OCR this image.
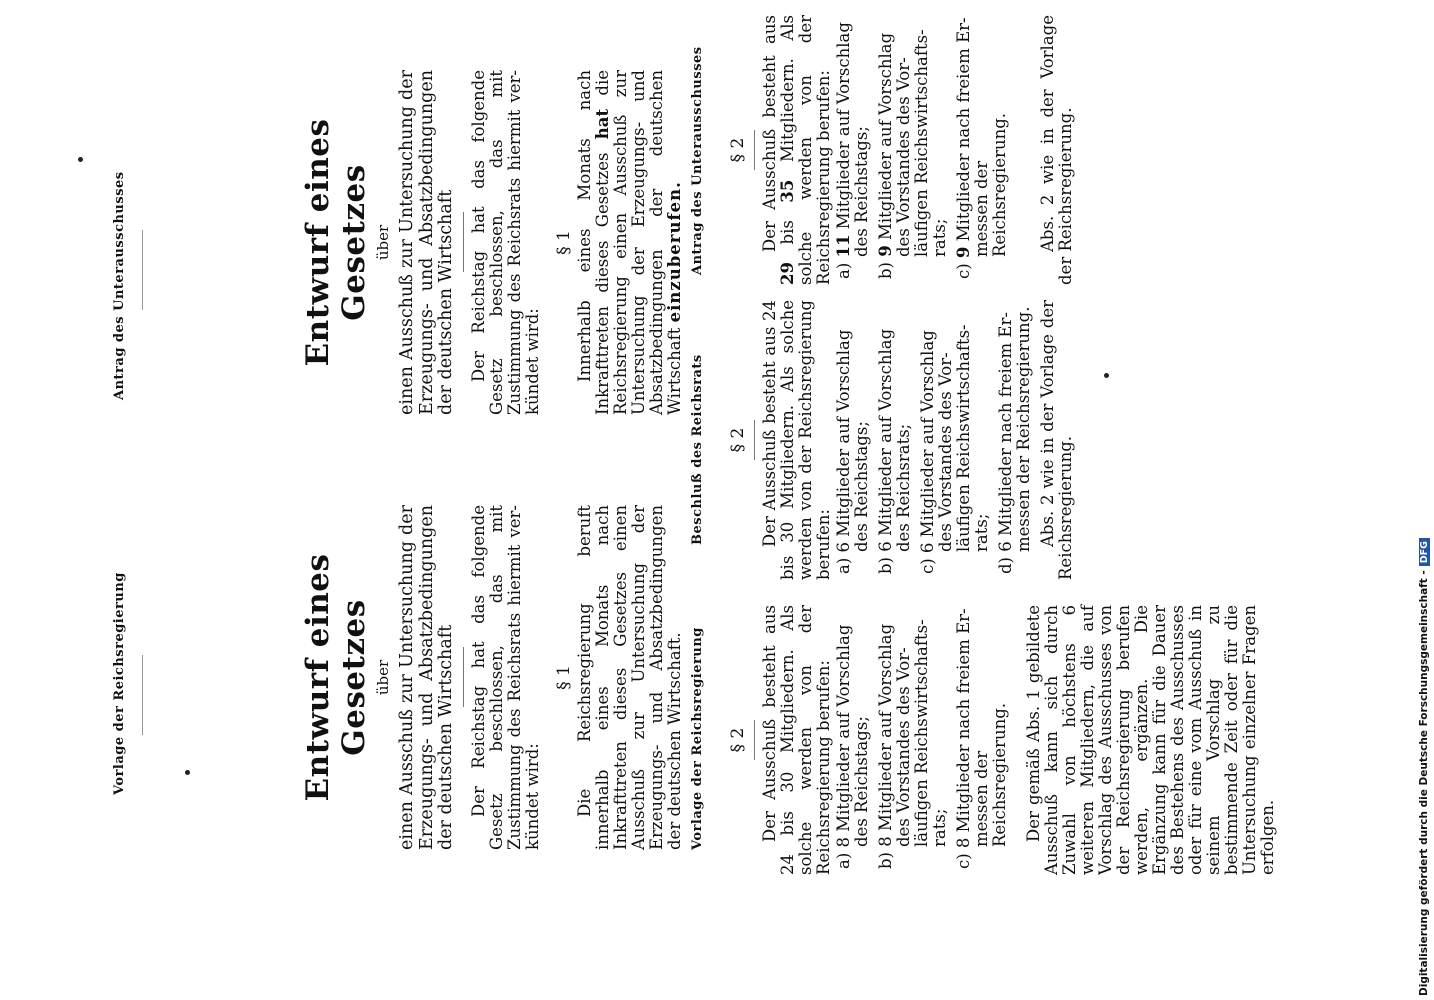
Vorlage der Reichsregierung
Antrag des Unterausschusses
Entwurf eines Gesetzes über einen Ausschuß zur Untersuchung der Erzeugungs- und Absatzbedingungen der deutschen Wirtschaft Der Reichstag hat das folgende Gesetz beschlossen, das mit Zustimmung des Reichsrats hiermit verkündet wird:
§ 1 Die Reichsregierung beruft innerhalb eines Monats nach Inkrafttreten dieses Gesetzes einen Ausschuß zur Untersuchung der Erzeugungs- und Absatzbedingungen der deutschen Wirtschaft.
Entwurf eines Gesetzes über einen Ausschuß zur Untersuchung der Erzeugungs- und Absatzbedingungen der deutschen Wirtschaft Der Reichstag hat das folgende Gesetz beschlossen, das mit Zustimmung des Reichsrats hiermit verkündet wird:
§ 1 Innerhalb eines Monats nach Inkrafttreten dieses Gesetzes hat die Reichsregierung einen Ausschuß zur Untersuchung der Erzeugungs- und Absatzbedingungen der deutschen Wirtschaft einzuberufen.
Vorlage der Reichsregierung
Beschluß des Reichsrats
Antrag des Unterausschusses
§ 2 Der Ausschuß besteht aus 24 bis 30 Mitgliedern. Als solche werden von der Reichsregierung berufen: a) 8 Mitglieder auf Vorschlag des Reichstags; b) 8 Mitglieder auf Vorschlag des Vorstandes des Vorläufigen Reichswirtschaftsrats; c) 8 Mitglieder nach freiem Ermessen der Reichsregierung. Der gemäß Abs. 1 gebildete Ausschuß kann sich durch Zuwahl von höchstens 6 weiteren Mitgliedern, die auf Vorschlag des Ausschusses von der Reichsregierung berufen werden, ergänzen. Die Ergänzung kann für die Dauer des Bestehens des Ausschusses oder für eine vom Ausschuß in seinem Vorschlag zu bestimmende Zeit oder für die Untersuchung einzelner Fragen erfolgen.
§ 2 Der Ausschuß besteht aus 24 bis 30 Mitgliedern. Als solche werden von der Reichsregierung berufen: a) 6 Mitglieder auf Vorschlag des Reichstags; b) 6 Mitglieder auf Vorschlag des Reichsrats; c) 6 Mitglieder auf Vorschlag des Vorstandes des Vorläufigen Reichswirtschaftsrats; d) 6 Mitglieder nach freiem Ermessen der Reichsregierung. Abs. 2 wie in der Vorlage der Reichsregierung.
§ 2 Der Ausschuß besteht aus 29 bis 35 Mitgliedern. Als solche werden von der Reichsregierung berufen: a) 11 Mitglieder auf Vorschlag des Reichstags;
b) 9 Mitglieder auf Vorschlag des Vorstandes des Vorläufigen Reichswirtschaftsrats;
c) 9 Mitglieder nach freiem Ermessen der Reichsregierung. Abs. 2 wie in der Vorlage der Reichsregierung.
Digitalisierung gefördert durch die Deutsche Forschungsgemeinschaft -DFG
